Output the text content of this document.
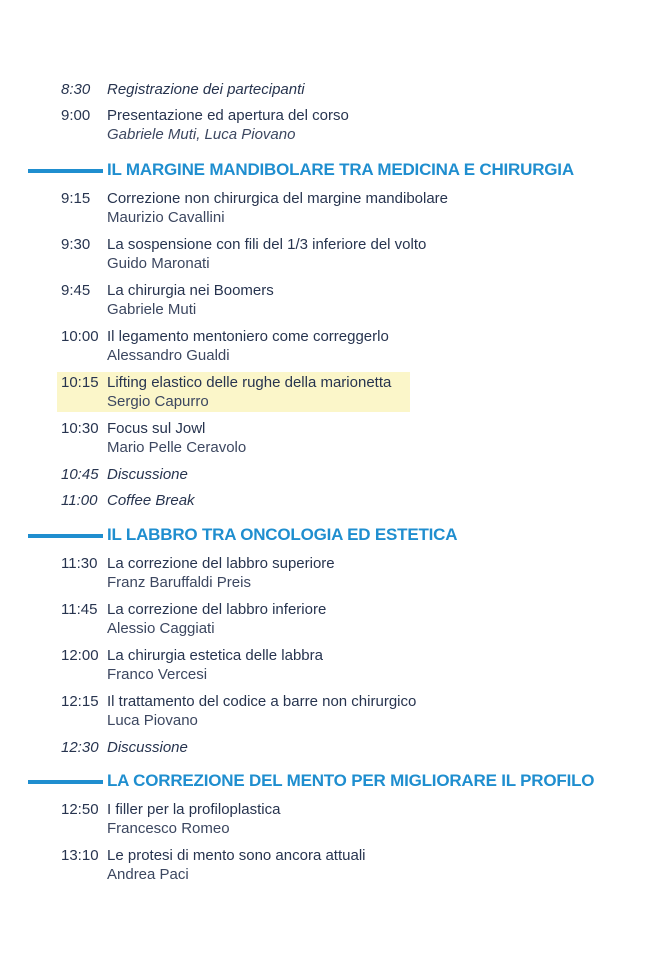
8:30 Registrazione dei partecipanti
9:00 Presentazione ed apertura del corso
Gabriele Muti, Luca Piovano
IL MARGINE MANDIBOLARE TRA MEDICINA E CHIRURGIA
9:15 Correzione non chirurgica del margine mandibolare
Maurizio Cavallini
9:30 La sospensione con fili del 1/3 inferiore del volto
Guido Maronati
9:45 La chirurgia nei Boomers
Gabriele Muti
10:00 Il legamento mentoniero come correggerlo
Alessandro Gualdi
10:15 Lifting elastico delle rughe della marionetta
Sergio Capurro
10:30 Focus sul Jowl
Mario Pelle Ceravolo
10:45 Discussione
11:00 Coffee Break
IL LABBRO TRA ONCOLOGIA ED ESTETICA
11:30 La correzione del labbro superiore
Franz Baruffaldi Preis
11:45 La correzione del labbro inferiore
Alessio Caggiati
12:00 La chirurgia estetica delle labbra
Franco Vercesi
12:15 Il trattamento del codice a barre non chirurgico
Luca Piovano
12:30 Discussione
LA CORREZIONE DEL MENTO PER MIGLIORARE IL PROFILO
12:50 I filler per la profiloplastica
Francesco Romeo
13:10 Le protesi di mento sono ancora attuali
Andrea Paci
